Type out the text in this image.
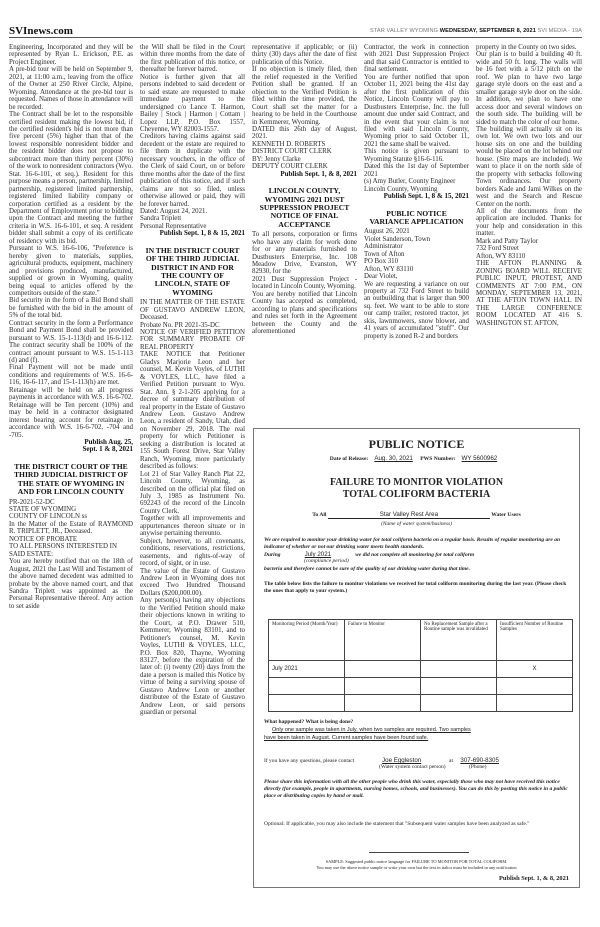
SVInews.com	STAR VALLEY WYOMING WEDNESDAY, SEPTEMBER 8, 2021 SVI MEDIA - 19A

Engineering, Incorporated and they will be represented by Ryan L. Erickson, P.E. as Project Engineer.

A pre-bid tour will be held on September 9, 2021, at 11:00 a.m., leaving from the office of the Owner at 250 River Circle, Alpine, Wyoming. Attendance at the pre-bid tour is requested. Names of those in attendance will be recorded.

The Contract shall be let to the responsible certified resident making the lowest bid, if the certified resident's bid is not more than five percent (5%) higher than that of the lowest responsible nonresident bidder and the resident bidder does not propose to subcontract more than thirty percent (30%) of the work to nonresident contractors (Wyo. Stat. 16-6-101, et seq.). Resident for this purpose means a person, partnership, limited partnership, registered limited partnership, registered limited liability company or corporation certified as a resident by the Department of Employment prior to bidding upon the Contract and meeting the further criteria in W.S. 16-6-101, et seq. A resident bidder shall submit a copy of its certificate of residency with its bid.

Pursuant to W.S. 16-6-106, "Preference is hereby given to materials, supplies, agricultural products, equipment, machinery and provisions produced, manufactured, supplied or grown in Wyoming, quality being equal to articles offered by the competitors outside of the state."

Bid security in the form of a Bid Bond shall be furnished with the bid in the amount of 5% of the total bid.

Contract security in the form a Performance Bond and Payment Bond shall be provided pursuant to W.S. 15-1-113(d) and 16-6-112. The contract security shall be 100% of the contract amount pursuant to W.S. 15-1-113 (d) and (f).

Final Payment will not be made until conditions and requirements of W.S. 16-6-116, 16-6-117, and 15-1-113(h) are met.

Retainage will be held on all progress payments in accordance with W.S. 16-6-702. Retainage will be Ten percent (10%) and may be held in a contractor designated interest bearing account for retainage in accordance with W.S. 16-6-702, -704 and -705.

Publish Aug. 25,
Sept. 1 & 8, 2021
THE DISTRICT COURT OF THE THIRD JUDICIAL DISTRICT OF THE STATE OF WYOMING IN AND FOR LINCOLN COUNTY
PR-2021-52-DC
STATE OF WYOMING
COUNTY OF LINCOLN ss

In the Matter of the Estate of RAYMOND R. TRIPLETT, JR., Deceased.

NOTICE OF PROBATE
TO ALL PERSONS INTERESTED IN SAID ESTATE:

You are hereby notified that on the 18th of August, 2021 the Last Will and Testament of the above named decedent was admitted to probate by the above named court, and that Sandra Triplett was appointed as the Personal Representative thereof. Any action to set aside

the Will shall be filed in the Court within three months from the date of the first publication of this notice, or thereafter be forever barred.

Notice is further given that all persons indebted to said decedent or to said estate are requested to make immediate payment to the undersigned c/o Lance T. Harmon, Bailey | Stock | Harmon | Cottam | Lopez LLP, P.O. Box 1557, Cheyenne, WY 82003-1557.

Creditors having claims against said decedent or the estate are required to file them in duplicate with the necessary vouchers, in the office of the Clerk of said Court, on or before three months after the date of the first publication of this notice, and if such claims are not so filed, unless otherwise allowed or paid, they will be forever barred.

Dated: August 24, 2021.
Sandra Triplett
Personal Representative
Publish Sept. 1, 8 & 15, 2021
IN THE DISTRICT COURT OF THE THIRD JUDICIAL DISTRICT IN AND FOR THE COUNTY OF LINCOLN, STATE OF WYOMING

IN THE MATTER OF THE ESTATE OF GUSTAVO ANDREW LEON, Deceased.

Probate No. PR 2021-35-DC

NOTICE OF VERIFIED PETITION FOR SUMMARY PROBATE OF REAL PROPERTY

TAKE NOTICE that Petitioner Gladys Marjorie Leon and her counsel, M. Kevin Voyles, of LUTHI & VOYLES, LLC, have filed a Verified Petition pursuant to Wyo. Stat. Ann. § 2-1-205 applying for a decree of summary distribution of real property in the Estate of Gustavo Andrew Leon. Gustavo Andrew Leon, a resident of Sandy, Utah, died on November 29, 2018. The real property for which Petitioner is seeking a distribution is located at 155 South Forest Drive, Star Valley Ranch, Wyoming, more particularly described as follows:

Lot 21 of Star Valley Ranch Plat 22, Lincoln County, Wyoming, as described on the official plat filed on July 3, 1985 as Instrument No. 692243 of the record of the Lincoln County Clerk.

Together with all improvements and appurtenances thereon situate or in anywise pertaining thereunto.

Subject, however, to all covenants, conditions, reservations, restrictions, easements, and rights-of-way of record, of sight, or in use.

The value of the Estate of Gustavo Andrew Leon in Wyoming does not exceed Two Hundred Thousand Dollars ($200,000.00).

Any person(s) having any objections to the Verified Petition should make their objections known in writing to the Court, at P.O. Drawer 510, Kemmerer, Wyoming 83101, and to Petitioner's counsel, M. Kevin Voyles, LUTHI & VOYLES, LLC, P.O. Box 820, Thayne, Wyoming 83127, before the expiration of the later of: (i) twenty (20) days from the date a person is mailed this Notice by virtue of being a surviving spouse of Gustavo Andrew Leon or another distributee of the Estate of Gustavo Andrew Leon, or said persons guardian or personal

representative if applicable; or (ii) thirty (30) days after the date of first publication of this Notice.

If no objection is timely filed, then the relief requested in the Verified Petition shall be granted. If an objection to the Verified Petition is filed within the time provided, the Court shall set the matter for a hearing to be held in the Courthouse in Kemmerer, Wyoming.

DATED this 26th day of August, 2021.

KENNETH D. ROBERTS
DISTRICT COURT CLERK
BY: Jenny Clarke
DEPUTY COURT CLERK
Publish Sept. 1, & 8, 2021
LINCOLN COUNTY, WYOMING 2021 DUST SUPPRESSION PROJECT NOTICE OF FINAL ACCEPTANCE

To all persons, corporation or firms who have any claim for work done for or any materials furnished to Dustbusters Enterprise, Inc. 108 Meadow Drive, Evanston, WY 82930, for the

2021 Dust Suppression Project - located in Lincoln County, Wyoming.

You are hereby notified that Lincoln County has accepted as completed, according to plans and specifications and rules set forth in the Agreement between the County and the aforementioned

Contractor, the work in connection with 2021 Dust Suppression Project and that said Contractor is entitled to final settlement.

You are further notified that upon October 11, 2021 being the 41st day after the first publication of this Notice, Lincoln County will pay to Dustbusters Enterprise, Inc. the full amount due under said Contract, and in the event that your claim is not filed with said Lincoln County, Wyoming prior to said October 11, 2021 the same shall be waived.

This notice is given pursuant to Wyoming Statute §16-6-116.

Dated this the 1st day of September 2021

(s) Amy Butler, County Engineer
Lincoln County, Wyoming
Publish Sept. 1, 8 & 15, 2021
PUBLIC NOTICE VARIANCE APPLICATION
August 26, 2021
Violet Sanderson, Town Administrator
Town of Afton
PO Box 310
Afton, WY 83110
Dear Violet,

We are requesting a variance on our property at 732 Ford Street to build an outbuilding that is larger than 900 sq. feet. We want to be able to store our camp trailer, restored tractor, jet skis, lawnmowers, snow blower, and 41 years of accumulated "stuff". Our property is zoned R-2 and borders

property in the County on two sides.

Our plan is to build a building 40 ft. wide and 50 ft. long. The walls will be 16 feet with a 5/12 pitch on the roof. We plan to have two large garage style doors on the east and a smaller garage style door on the side. In addition, we plan to have one access door and several windows on the south side. The building will be sided to match the color of our home.

The building will actually sit on its own lot. We own two lots and our house sits on one and the building would be placed on the lot behind our house. (Site maps are included). We want to place it on the north side of the property with setbacks following Town ordinances. Our property borders Kade and Jami Wilkes on the west and the Search and Rescue Center on the north.

All of the documents from the application are included. Thanks for your help and consideration in this matter.

Mark and Patty Taylor
732 Ford Street
Afton, WY 83110

THE AFTON PLANNING & ZONING BOARD WILL RECEIVE PUBLIC INPUT, PROTEST, AND COMMENTS AT 7:00 P.M., ON MONDAY, SEPTEMBER 13, 2021, AT THE AFTON TOWN HALL IN THE LARGE CONFERENCE ROOM LOCATED AT 416 S. WASHINGTON ST. AFTON,

PUBLIC NOTICE
Date of Release: Aug. 30, 2021 PWS Number: WY 5600962
FAILURE TO MONITOR VIOLATION
TOTAL COLIFORM BACTERIA
To All	Star Valley Rest Area	Water Users
(Name of water system/business)
We are required to monitor your drinking water for total coliform bacteria on a regular basis. Results of regular monitoring are an indicator of whether or not our drinking water meets health standards.
During	July 2021	we did not complete all monitoring for total coliform
(compliance period)
bacteria and therefore cannot be sure of the quality of our drinking water during that time.
The table below lists the failure to monitor violations we received for total coliform monitoring during the last year. (Please check the ones that apply to your system.)
Monitoring Period (Month/Year)	Failure to Monitor	No Replacement Sample after a Routine sample was invalidated	Insufficient Number of Routine Samples
July 2021			X

What happened? What is being done?
Only one sample was taken in July, when two samples are required. Two samples
have been taken in August. Current samples have been found safe.
If you have any questions, please contact	Joe Eggleston	at 307-690-8305
(Water system contact person)	(Phone)
Please share this information with all the other people who drink this water, especially those who may not have received this notice directly (for example, people in apartments, nursing homes, schools, and businesses). You can do this by posting this notice in a public place or distributing copies by hand or mail.
Optional: If applicable, you may also include the statement that "Subsequent water samples have been analyzed as safe."
SAMPLE: Suggested public notice language for FAILURE TO MONITOR FOR TOTAL COLIFORM.
You may use the above notice sample or write your own but the text in italics must be included in any notification
Publish Sept. 1, & 8, 2021
